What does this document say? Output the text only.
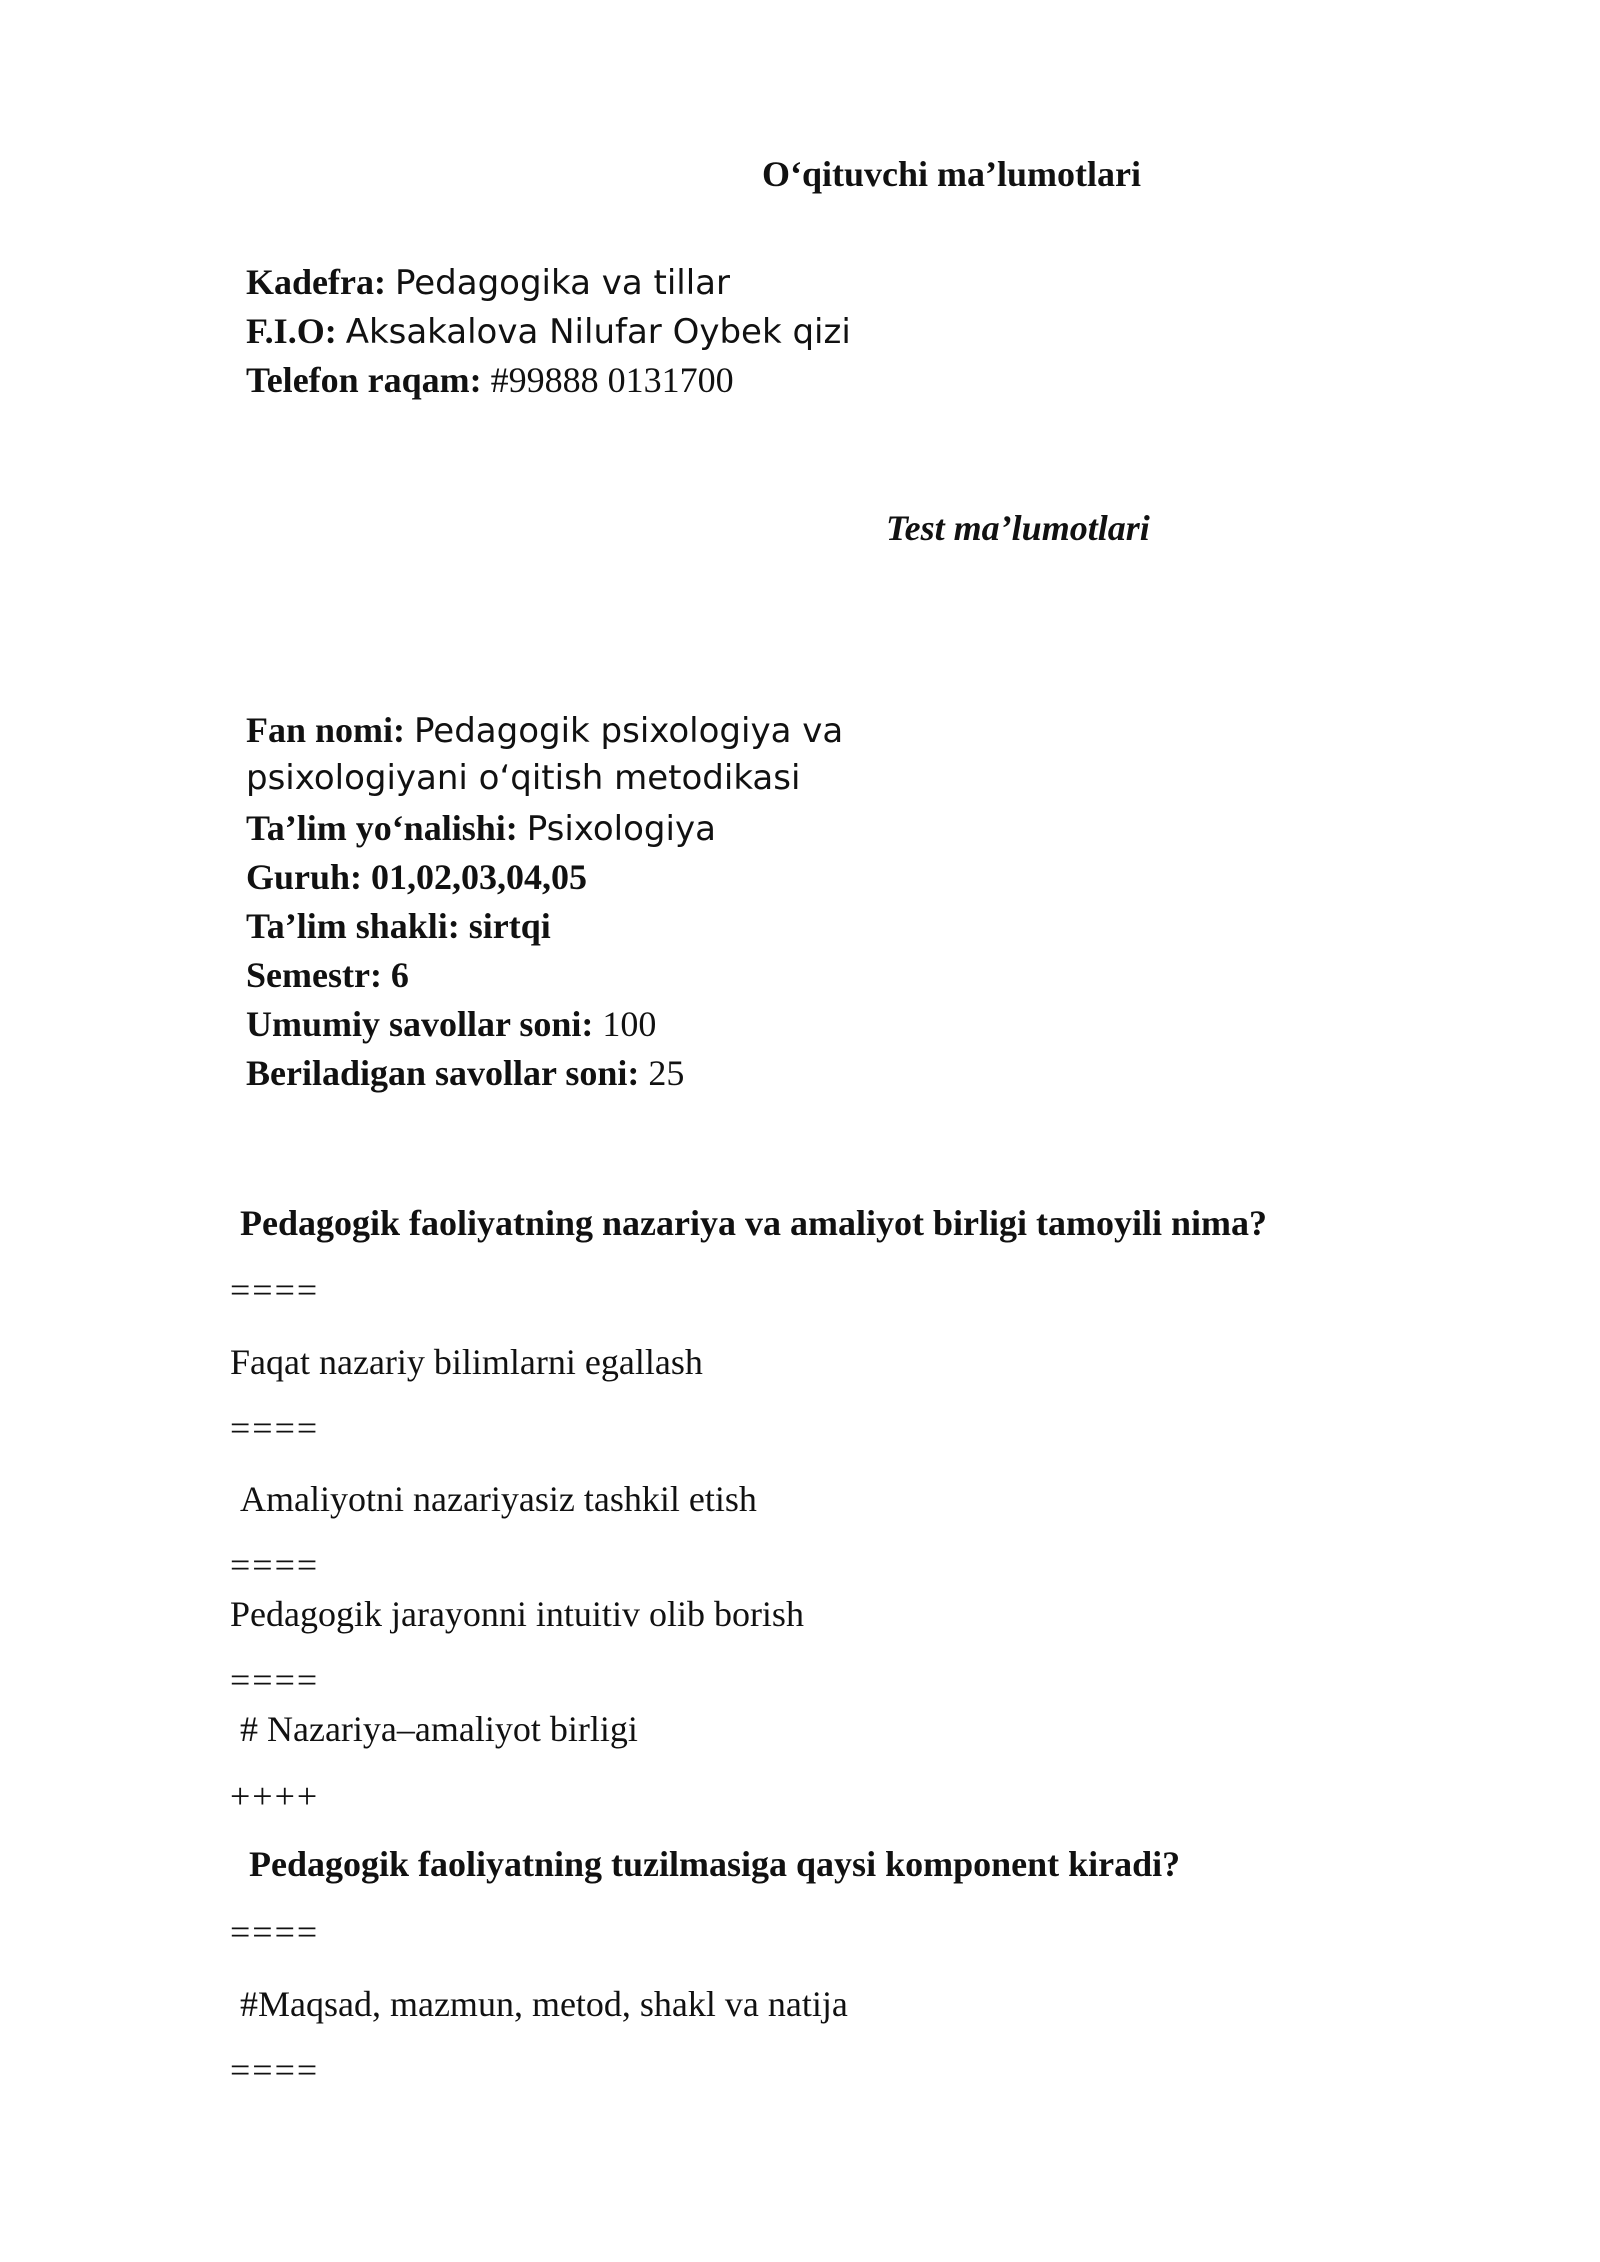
O‘qituvchi ma’lumotlari
Kadefra: Pedagogika va tillar
F.I.O: Aksakalova Nilufar Oybek qizi
Telefon raqam: #99888 0131700
Test ma’lumotlari
Fan nomi: Pedagogik psixologiya va
psixologiyani o‘qitish metodikasi
Ta’lim yo‘nalishi: Psixologiya
Guruh: 01,02,03,04,05
Ta’lim shakli: sirtqi
Semestr: 6
Umumiy savollar soni: 100
Beriladigan savollar soni: 25
Pedagogik faoliyatning nazariya va amaliyot birligi tamoyili nima?
====
Faqat nazariy bilimlarni egallash
====
Amaliyotni nazariyasiz tashkil etish
====
Pedagogik jarayonni intuitiv olib borish
====
# Nazariya–amaliyot birligi
++++
Pedagogik faoliyatning tuzilmasiga qaysi komponent kiradi?
====
#Maqsad, mazmun, metod, shakl va natija
====
